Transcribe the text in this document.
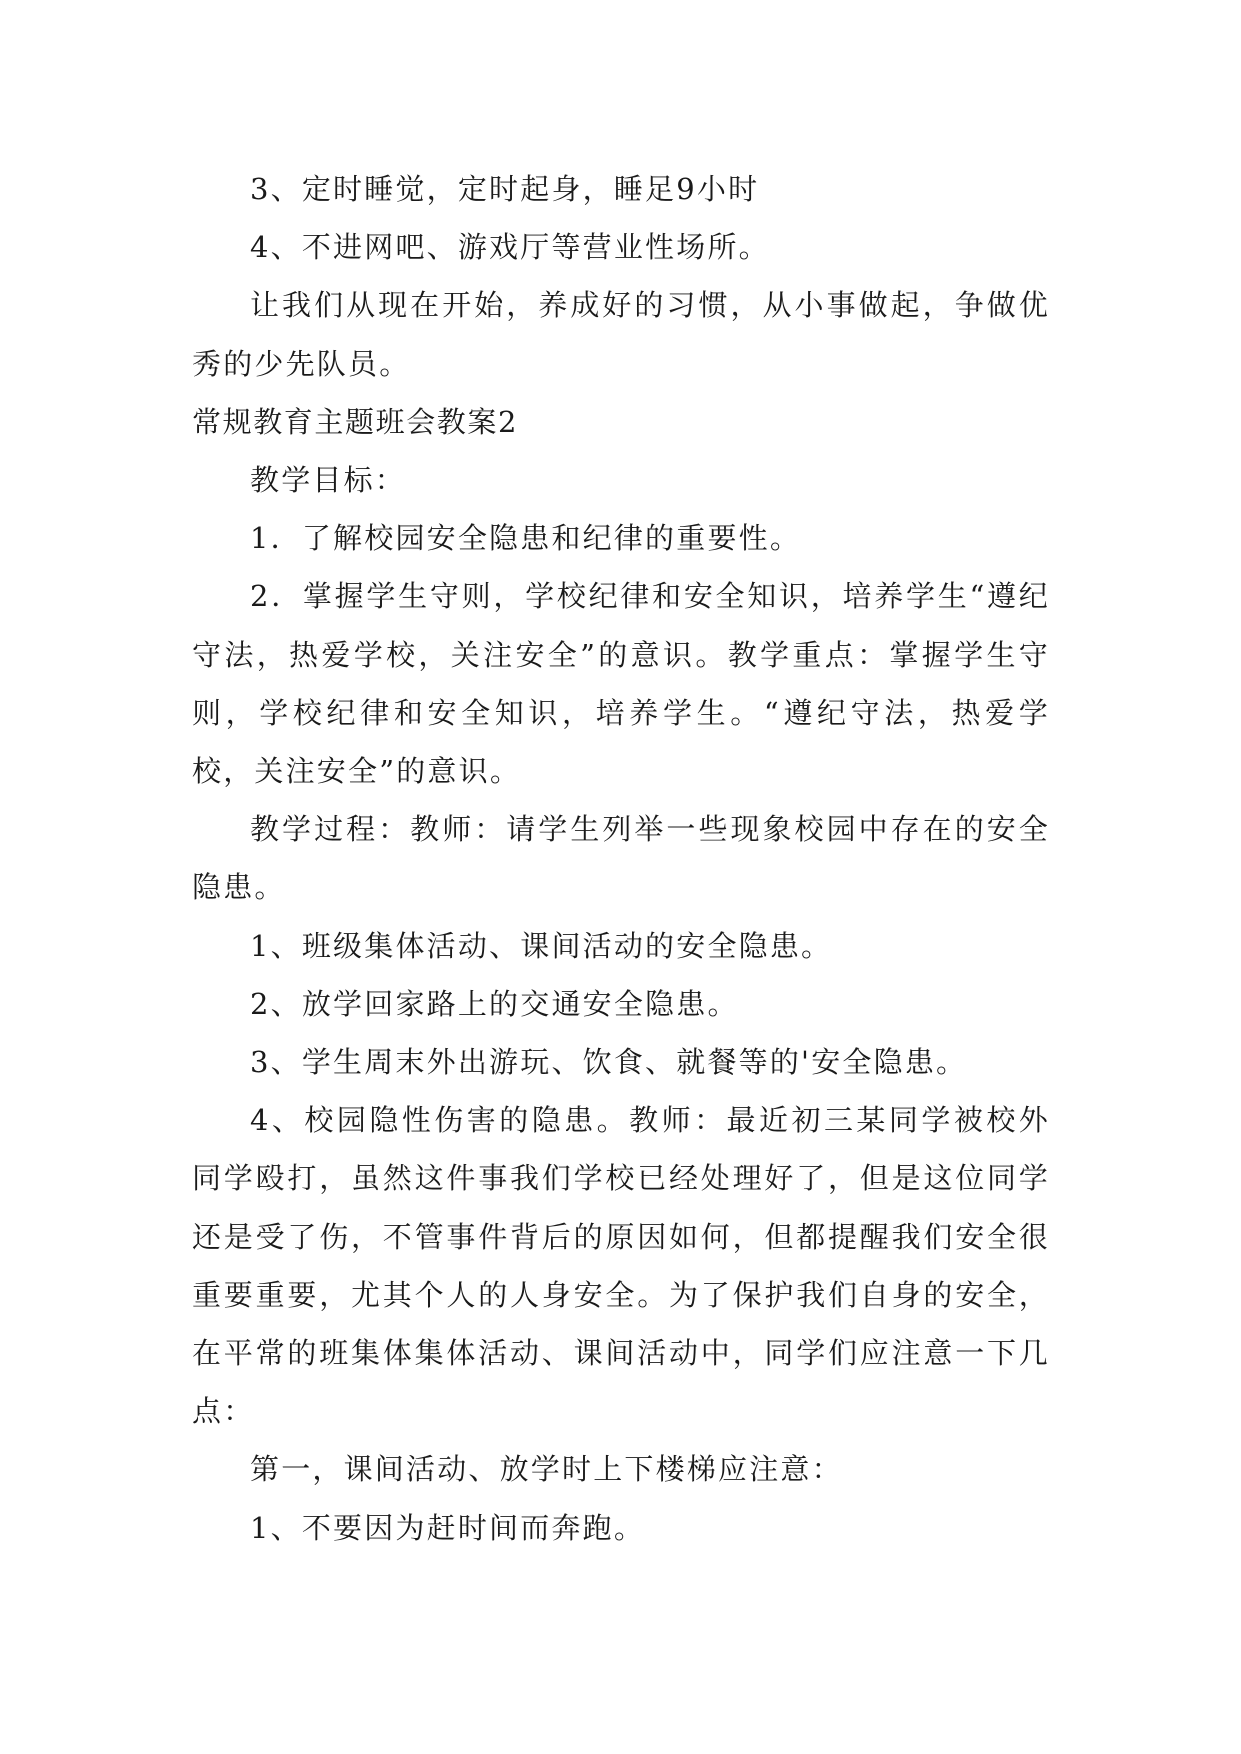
3、定时睡觉，定时起身，睡足9小时

4、不进网吧、游戏厅等营业性场所。

让我们从现在开始，养成好的习惯，从小事做起，争做优秀的少先队员。

常规教育主题班会教案2

教学目标：

1．了解校园安全隐患和纪律的重要性。

2．掌握学生守则，学校纪律和安全知识，培养学生“遵纪守法，热爱学校，关注安全”的意识。教学重点：掌握学生守则，学校纪律和安全知识，培养学生。“遵纪守法，热爱学校，关注安全”的意识。

教学过程：教师：请学生列举一些现象校园中存在的安全隐患。

1、班级集体活动、课间活动的安全隐患。

2、放学回家路上的交通安全隐患。

3、学生周末外出游玩、饮食、就餐等的'安全隐患。

4、校园隐性伤害的隐患。教师：最近初三某同学被校外同学殴打，虽然这件事我们学校已经处理好了，但是这位同学还是受了伤，不管事件背后的原因如何，但都提醒我们安全很重要重要，尤其个人的人身安全。为了保护我们自身的安全，在平常的班集体集体活动、课间活动中，同学们应注意一下几点：

第一，课间活动、放学时上下楼梯应注意：

1、不要因为赶时间而奔跑。
